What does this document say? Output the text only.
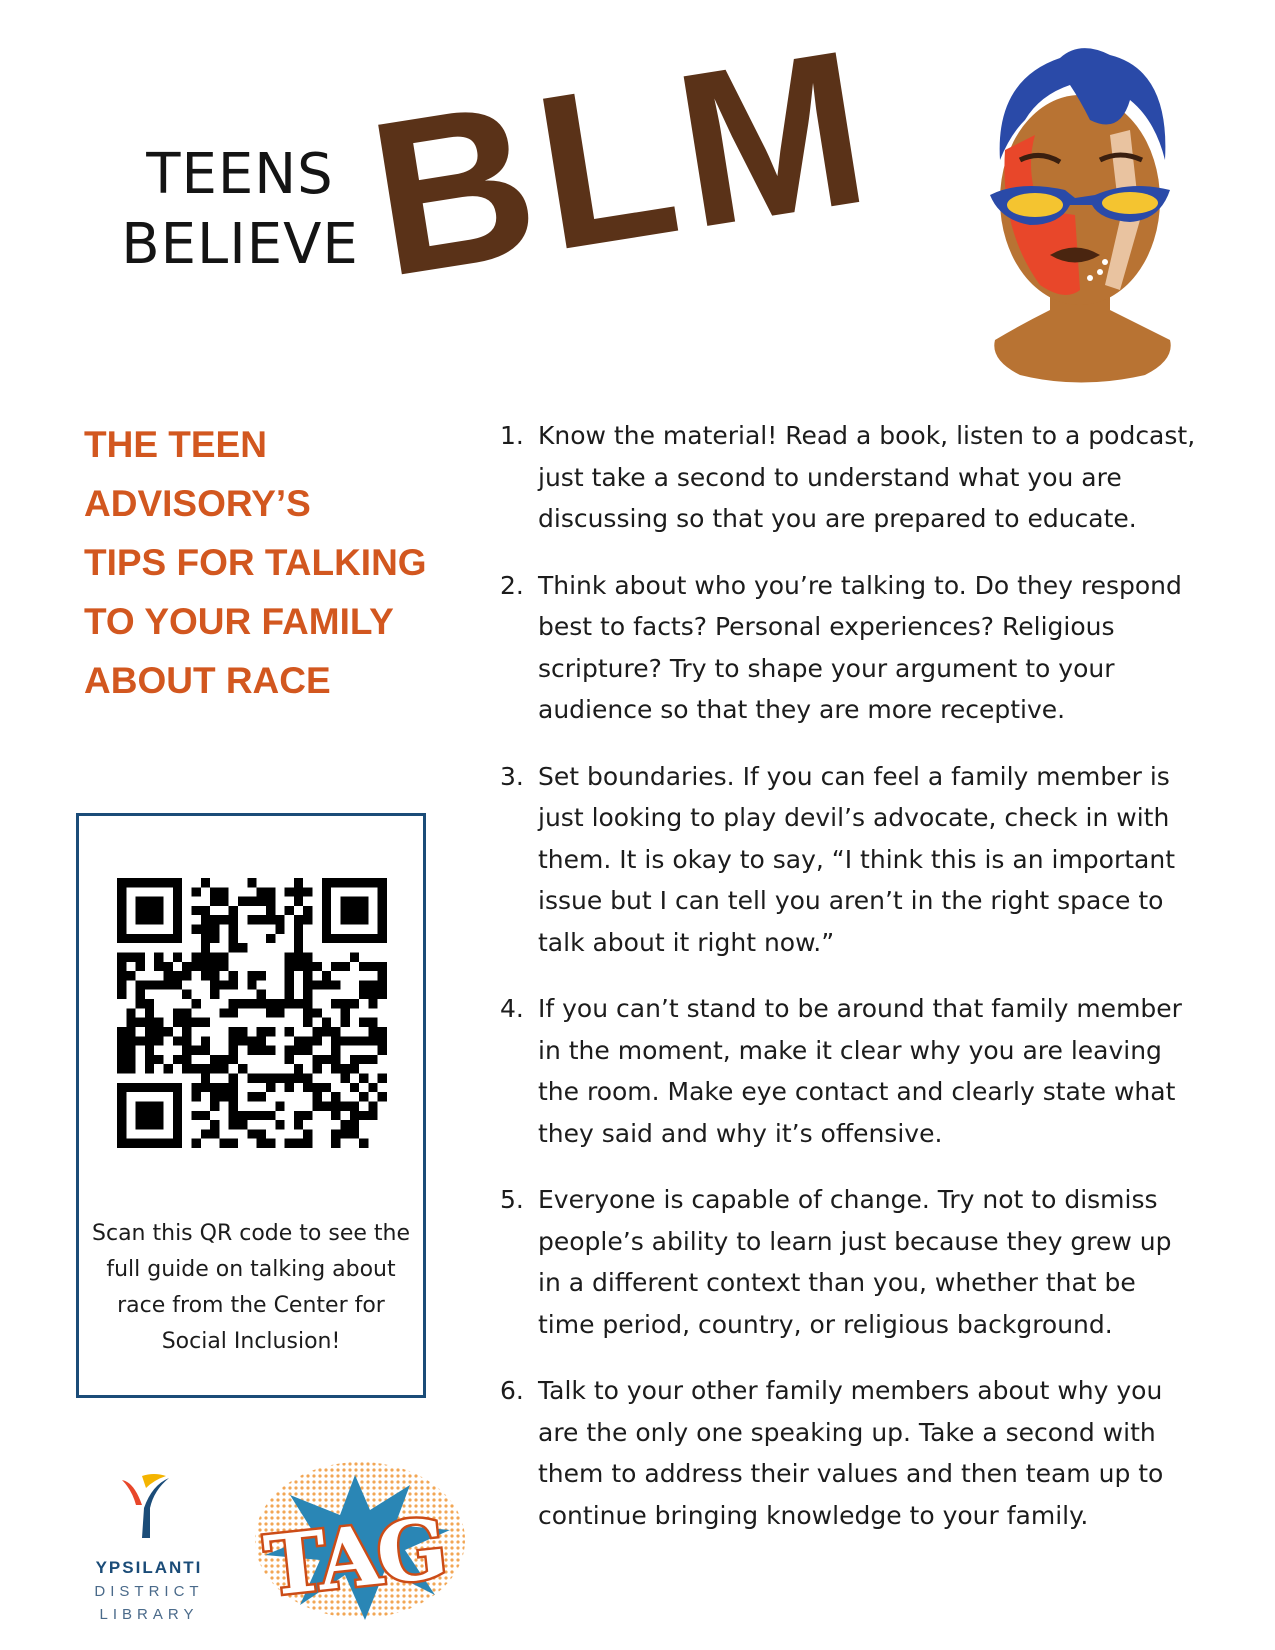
TEENS
BELIEVE
BLM
THE TEEN
ADVISORY’S
TIPS FOR TALKING
TO YOUR FAMILY
ABOUT RACE
Scan this QR code to see the full guide on talking about race from the Center for Social Inclusion!
YPSILANTI
DISTRICT
LIBRARY TAG
1. Know the material! Read a book, listen to a podcast, just take a second to understand what you are discussing so that you are prepared to educate.
2. Think about who you’re talking to. Do they respond best to facts? Personal experiences? Religious scripture? Try to shape your argument to your audience so that they are more receptive.
3. Set boundaries. If you can feel a family member is just looking to play devil’s advocate, check in with them. It is okay to say, “I think this is an important issue but I can tell you aren’t in the right space to talk about it right now.”
4. If you can’t stand to be around that family member in the moment, make it clear why you are leaving the room. Make eye contact and clearly state what they said and why it’s offensive.
5. Everyone is capable of change. Try not to dismiss people’s ability to learn just because they grew up in a different context than you, whether that be time period, country, or religious background.
6. Talk to your other family members about why you are the only one speaking up. Take a second with them to address their values and then team up to continue bringing knowledge to your family.
